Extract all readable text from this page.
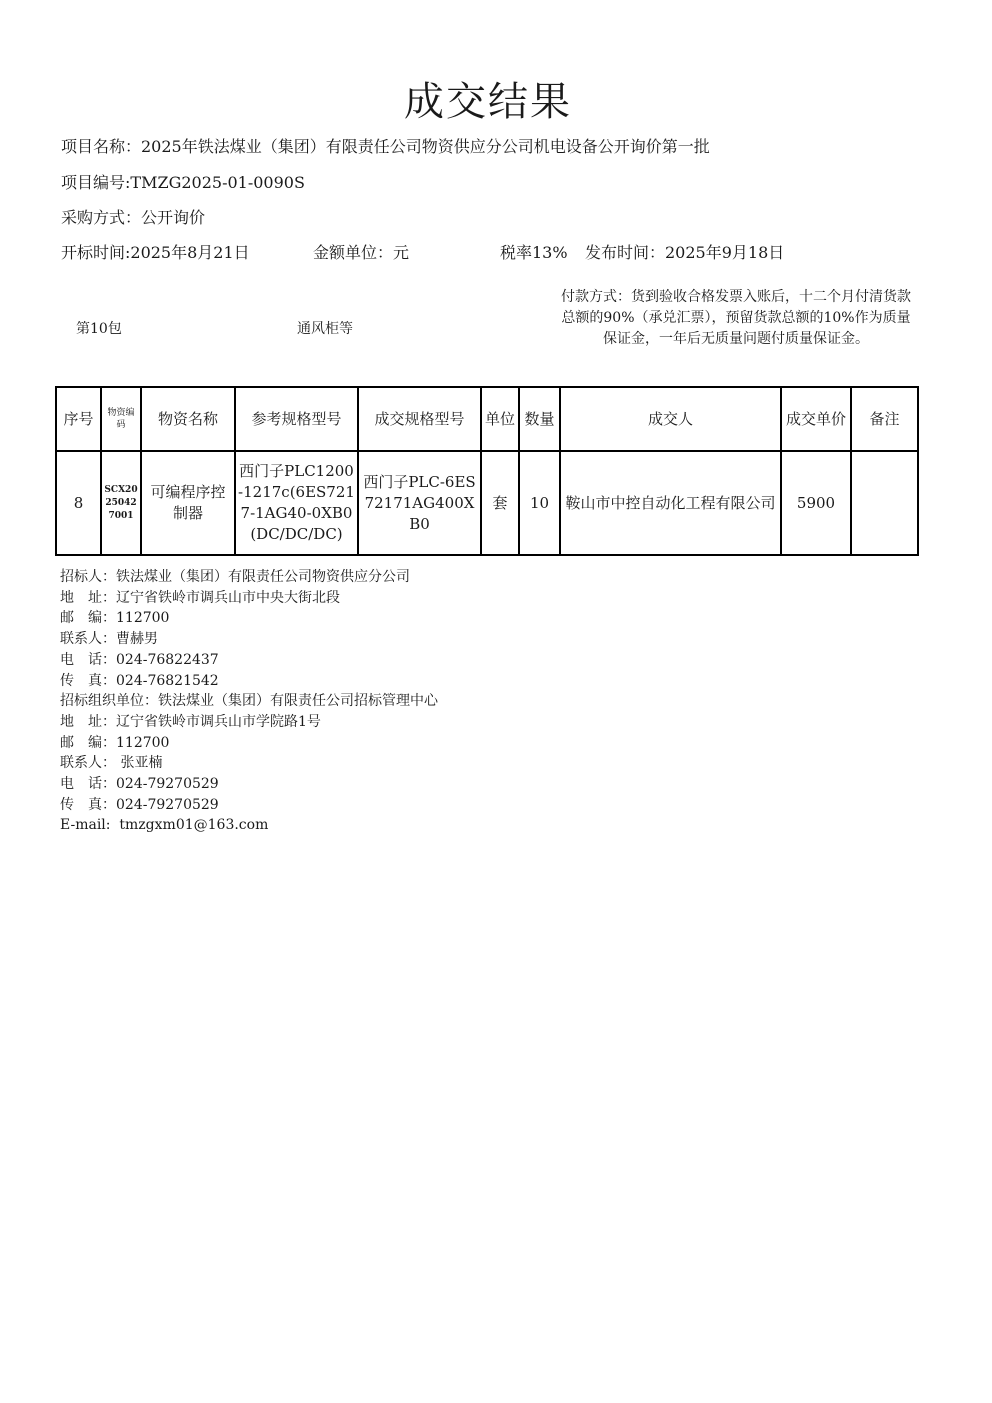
成交结果
项目名称：2025年铁法煤业（集团）有限责任公司物资供应分公司机电设备公开询价第一批
项目编号:TMZG2025-01-0090S
采购方式：公开询价
开标时间:2025年8月21日	金额单位：元	税率13% 发布时间：2025年9月18日
第10包	通风柜等
付款方式：货到验收合格发票入账后，十二个月付清货款总额的90%（承兑汇票），预留货款总额的10%作为质量保证金，一年后无质量问题付质量保证金。
序号	物资编码	物资名称	参考规格型号	成交规格型号	单位	数量	成交人	成交单价	备注
8	SCX20250427001	可编程序控制器	西门子PLC1200-1217c(6ES7217-1AG40-0XB0(DC/DC/DC)	西门子PLC-6ES72171AG400XB0	套	10	鞍山市中控自动化工程有限公司	5900	
招标人：铁法煤业（集团）有限责任公司物资供应分公司
地　址：辽宁省铁岭市调兵山市中央大街北段
邮　编：112700
联系人：曹赫男
电　话：024-76822437
传　真：024-76821542
招标组织单位：铁法煤业（集团）有限责任公司招标管理中心
地　址：辽宁省铁岭市调兵山市学院路1号
邮　编：112700
联系人： 张亚楠
电　话：024-79270529
传　真：024-79270529
E-mail:  tmzgxm01@163.com
